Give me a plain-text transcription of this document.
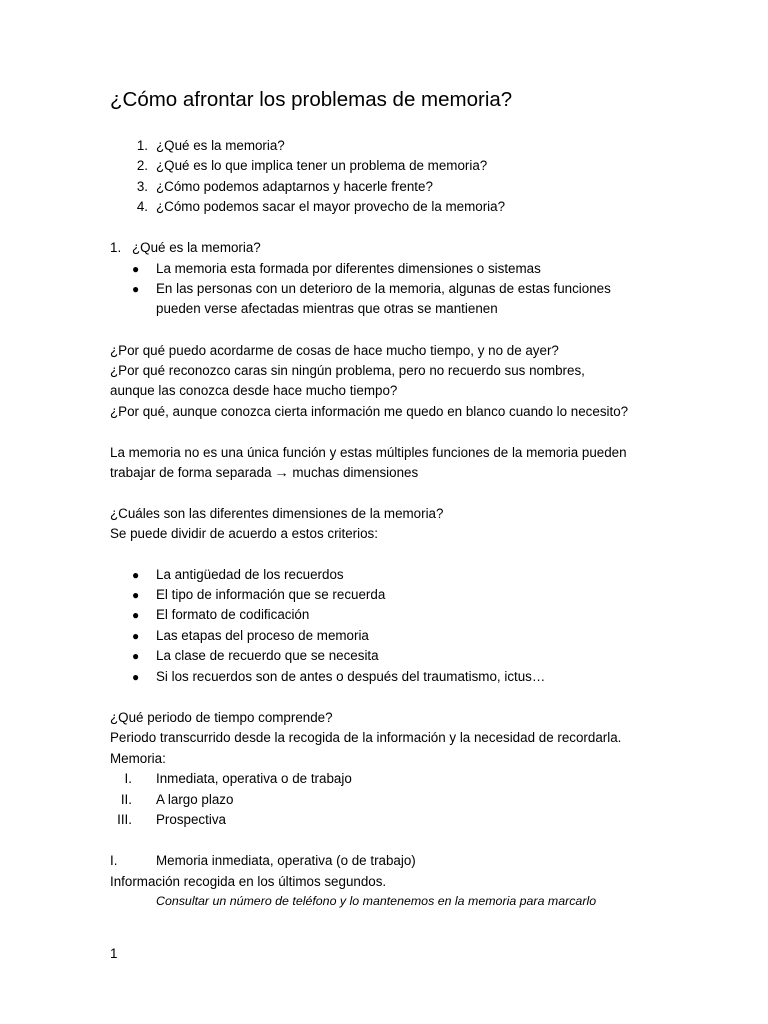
¿Cómo afrontar los problemas de memoria?
1. ¿Qué es la memoria?
2. ¿Qué es lo que implica tener un problema de memoria?
3. ¿Cómo podemos adaptarnos y hacerle frente?
4. ¿Cómo podemos sacar el mayor provecho de la memoria?
1. ¿Qué es la memoria?
● La memoria esta formada por diferentes dimensiones o sistemas
● En las personas con un deterioro de la memoria, algunas de estas funciones
pueden verse afectadas mientras que otras se mantienen
¿Por qué puedo acordarme de cosas de hace mucho tiempo, y no de ayer?
¿Por qué reconozco caras sin ningún problema, pero no recuerdo sus nombres,
aunque las conozca desde hace mucho tiempo?
¿Por qué, aunque conozca cierta información me quedo en blanco cuando lo necesito?
La memoria no es una única función y estas múltiples funciones de la memoria pueden
trabajar de forma separada → muchas dimensiones
¿Cuáles son las diferentes dimensiones de la memoria?
Se puede dividir de acuerdo a estos criterios:
● La antigüedad de los recuerdos
● El tipo de información que se recuerda
● El formato de codificación
● Las etapas del proceso de memoria
● La clase de recuerdo que se necesita
● Si los recuerdos son de antes o después del traumatismo, ictus…
¿Qué periodo de tiempo comprende?
Periodo transcurrido desde la recogida de la información y la necesidad de recordarla.
Memoria:
I. Inmediata, operativa o de trabajo
II. A largo plazo
III. Prospectiva
I.	Memoria inmediata, operativa (o de trabajo)
Información recogida en los últimos segundos.
Consultar un número de teléfono y lo mantenemos en la memoria para marcarlo
1
